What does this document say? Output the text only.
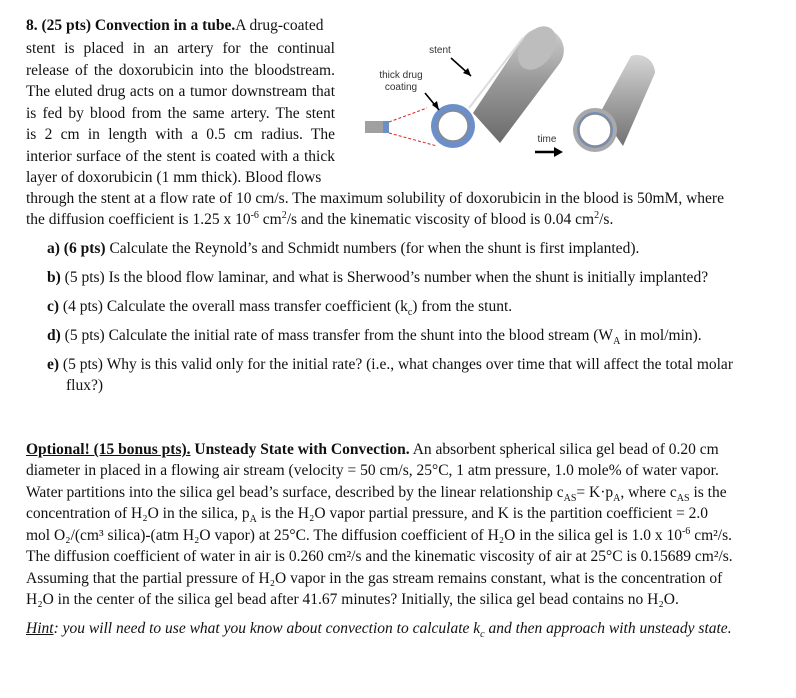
8. (25 pts) Convection in a tube.A drug-coated
stent is placed in an artery for the continual
release of the doxorubicin into the bloodstream.
The eluted drug acts on a tumor downstream that
is fed by blood from the same artery. The stent
is 2 cm in length with a 0.5 cm radius. The
interior surface of the stent is coated with a thick
layer of doxorubicin (1 mm thick). Blood flows
stent
thick drug
coating
time
through the stent at a flow rate of 10 cm/s. The maximum solubility of doxorubicin in the blood is 50mM, where
the diffusion coefficient is 1.25 x $10^{-6}$ $cm^2/s$ and the kinematic viscosity of blood is 0.04 $cm^2/s$.
a) (6 pts) Calculate the Reynold’s and Schmidt numbers (for when the shunt is first implanted).
b) (5 pts) Is the blood flow laminar, and what is Sherwood’s number when the shunt is initially implanted?
c) (4 pts) Calculate the overall mass transfer coefficient $(k_c)$ from the stunt.
d) (5 pts) Calculate the initial rate of mass transfer from the shunt into the blood stream ($W_A$ in mol/min).
e) (5 pts) Why is this valid only for the initial rate? (i.e., what changes over time that will affect the total molar
flux?)
Optional! (15 bonus pts). Unsteady State with Convection. An absorbent spherical silica gel bead of 0.20 cm
diameter in placed in a flowing air stream (velocity = 50 cm/s, 25°C, 1 atm pressure, 1.0 mole% of water vapor.
Water partitions into the silica gel bead’s surface, described by the linear relationship $c_{AS}= K\cdot p_A$, where $c_{AS}$ is the
concentration of H₂O in the silica, $p_A$ is the H₂O vapor partial pressure, and K is the partition coefficient = 2.0
mol O₂/(cm³ silica)-(atm H₂O vapor) at 25°C. The diffusion coefficient of H₂O in the silica gel is 1.0 x $10^{-6}$ cm²/s.
The diffusion coefficient of water in air is 0.260 cm²/s and the kinematic viscosity of air at 25°C is 0.15689 cm²/s.
Assuming that the partial pressure of H₂O vapor in the gas stream remains constant, what is the concentration of
H₂O in the center of the silica gel bead after 41.67 minutes? Initially, the silica gel bead contains no H₂O.
Hint: you will need to use what you know about convection to calculate $k_c$ and then approach with unsteady state.
